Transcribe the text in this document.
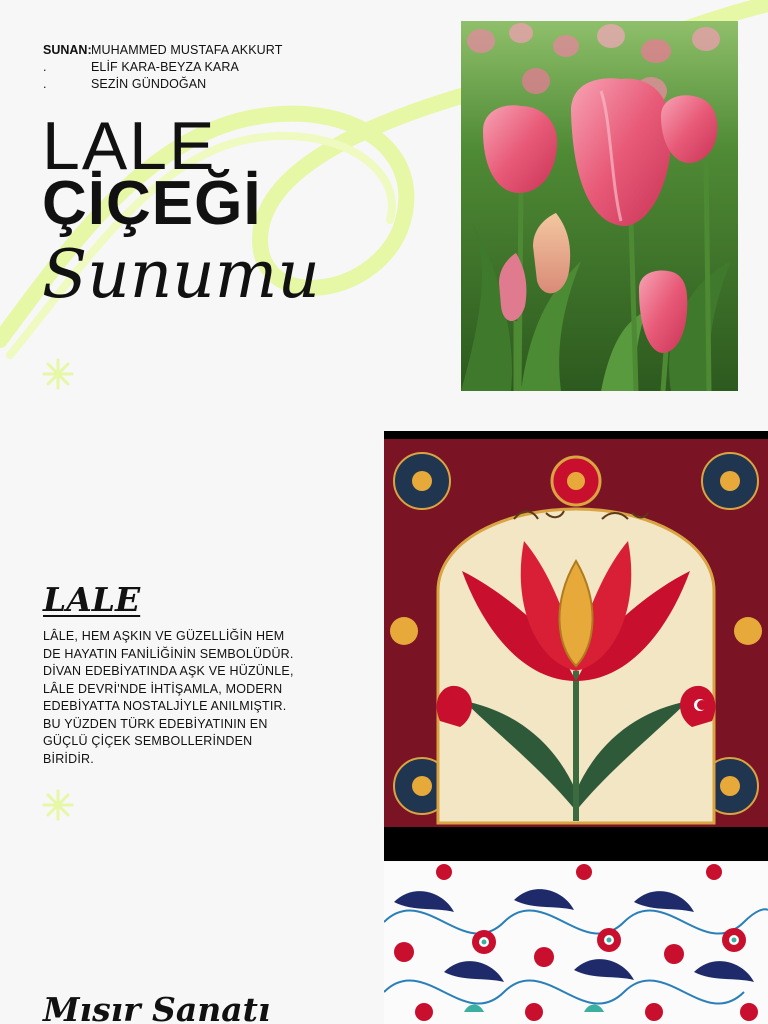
SUNAN: MUHAMMED MUSTAFA AKKURT
.	ELİF KARA-BEYZA KARA
.	SEZİN GÜNDOĞAN
LALE
ÇİÇEĞİ
Sunumu
LALE
LÂLE, HEM AŞKIN VE GÜZELLİĞİN HEM DE HAYATIN FANİLİĞİNİN SEMBOLÜDÜR. DİVAN EDEBİYATINDA AŞK VE HÜZÜNLE, LÂLE DEVRİ'NDE İHTİŞAMLA, MODERN EDEBİYATTA NOSTALJİYLE ANILMIŞTIR. BU YÜZDEN TÜRK EDEBİYATININ EN GÜÇLÜ ÇİÇEK SEMBOLLERİNDEN BİRİDİR.
Mısır Sanatı
